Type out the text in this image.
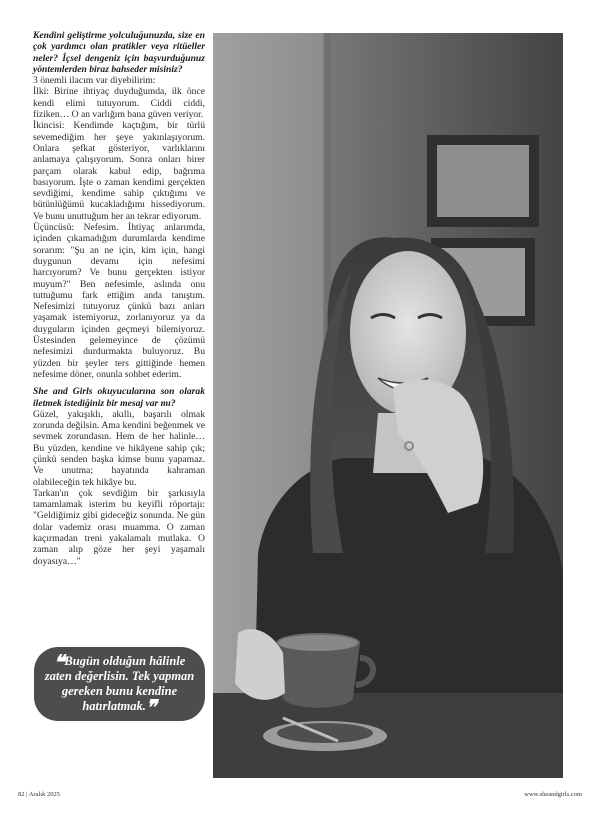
Kendini geliştirme yolculuğunuzda, size en çok yardımcı olan pratikler veya ritüeller neler? İçsel dengeniz için başvurduğunuz yöntemlerden biraz bahseder misiniz?

3 önemli ilacım var diyebilirim:

İlki: Birine ihtiyaç duyduğumda, ilk önce kendi elimi tutuyorum. Ciddi ciddi, fiziken… O an varlığım bana güven veriyor.

İkincisi: Kendimde kaçtığım, bir türlü sevemediğim her şeye yakınlaşıyorum. Onlara şefkat gösteriyor, varlıklarını anlamaya çalışıyorum. Sonra onları birer parçam olarak kabul edip, bağrıma basıyorum. İşte o zaman kendimi gerçekten sevdiğimi, kendime sahip çıktığımı ve bütünlüğümü kucakladığımı hissediyorum. Ve bunu unuttuğum her an tekrar ediyorum.

Üçüncüsü: Nefesim. İhtiyaç anlarımda, içinden çıkamadığım durumlarda kendime sorarım: "Şu an ne için, kim için, hangi duygunun devamı için nefesimi harcıyorum? Ve bunu gerçekten istiyor muyum?" Ben nefesimle, aslında onu tuttuğumu fark ettiğim anda tanıştım. Nefesimizi tutuyoruz çünkü bazı anları yaşamak istemiyoruz, zorlanıyoruz ya da duyguların içinden geçmeyi bilemiyoruz. Üstesinden gelemeyince de çözümü nefesimizi durdurmakta buluyoruz. Bu yüzden bir şeyler ters gittiğinde hemen nefesime döner, onunla sohbet ederim.

She and Girls okuyucularına son olarak iletmek istediğiniz bir mesaj var mı?

Güzel, yakışıklı, akıllı, başarılı olmak zorunda değilsin. Ama kendini beğenmek ve sevmek zorundasın. Hem de her halinle… Bu yüzden, kendine ve hikâyene sahip çık; çünkü senden başka kimse bunu yapamaz. Ve unutma; hayatında kahraman olabileceğin tek hikâye bu.

Tarkan'ın çok sevdiğim bir şarkısıyla tamamlamak isterim bu keyifli röportajı: "Geldiğimiz gibi gideceğiz sonunda. Ne gün dolar vademiz orası muamma. O zaman kaçırmadan treni yakalamalı mutlaka. O zaman alıp göze her şeyi yaşamalı doyasıya…"

❝Bugün olduğun hâlinle zaten değerlisin. Tek yapman gereken bunu kendine hatırlatmak.❞
82 | Aralık 2025	www.sheandgirls.com
